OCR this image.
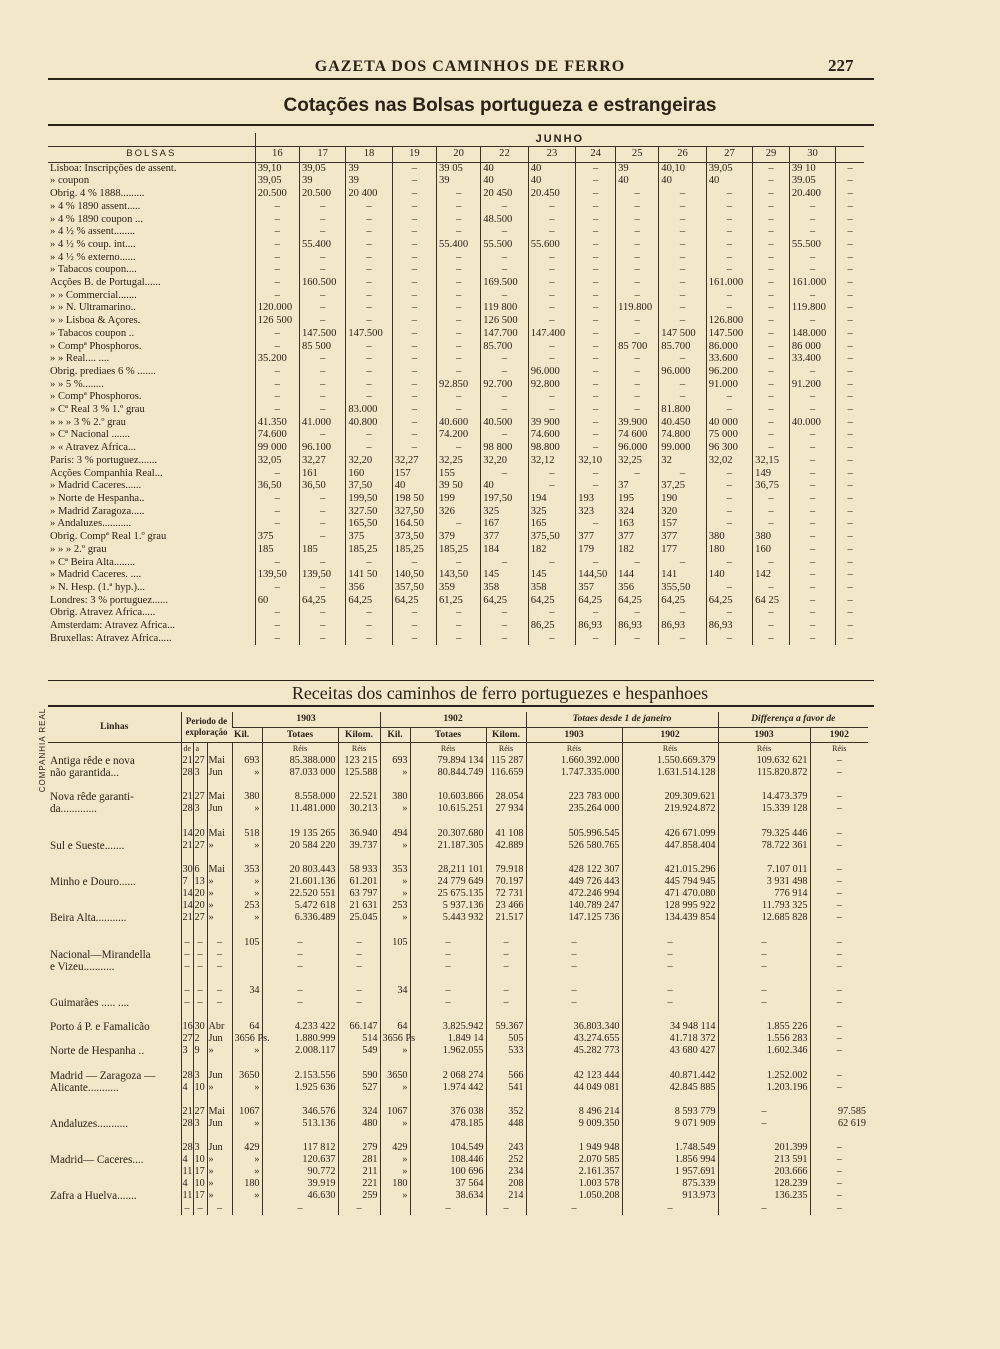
GAZETA DOS CAMINHOS DE FERRO	227
Cotações nas Bolsas portugueza e estrangeiras
	JUNHO													
BOLSAS	16	17	18	19	20	22	23	24	25	26	27	29	30	
Lisboa: Inscripções de assent.	39,10	39,05	39	–	39 05	40	40	–	39	40,10	39,05	–	39 10	–
» coupon	39,05	39	39	–	39	40	40	–	40	40	40	–	39.05	–
Obrig. 4 % 1888.........	20.500	20.500	20 400	–	–	20 450	20.450	–	–	–	–	–	20.400	–
» 4 % 1890 assent.....	–	–	–	–	–	–	–	–	–	–	–	–	–	–
» 4 % 1890 coupon ...	–	–	–	–	–	48.500	–	–	–	–	–	–	–	–
» 4 ½ % assent........	–	–	–	–	–	–	–	–	–	–	–	–	–	–
» 4 ½ % coup. int....	–	55.400	–	–	55.400	55.500	55.600	–	–	–	–	–	55.500	–
» 4 ½ % externo......	–	–	–	–	–	–	–	–	–	–	–	–	–	–
» Tabacos coupon....	–	–	–	–	–	–	–	–	–	–	–	–	–	–
Acções B. de Portugal......	–	160.500	–	–	–	169.500	–	–	–	–	161.000	–	161.000	–
» » Commercial.......	–	–	–	–	–	–	–	–	–	–	–	–	–	–
» » N. Ultramarino..	120.000	–	–	–	–	119 800	–	–	119.800	–	–	–	119.800	–
» » Lisboa & Açores.	126 500	–	–	–	–	126 500	–	–	–	–	126.800	–	–	–
» Tabacos coupon ..	–	147.500	147.500	–	–	147.700	147.400	–	–	147 500	147.500	–	148.000	–
» Compª Phosphoros.	–	85 500	–	–	–	85.700	–	–	85 700	85.700	86.000	–	86 000	–
» » Real.... ....	35.200	–	–	–	–	–	–	–	–	–	33.600	–	33.400	–
Obrig. prediaes 6 % .......	–	–	–	–	–	–	96.000	–	–	96.000	96.200	–	–	–
» » 5 %........	–	–	–	–	92.850	92.700	92.800	–	–	–	91.000	–	91.200	–
» Compª Phosphoros.	–	–	–	–	–	–	–	–	–	–	–	–	–	–
» Cª Real 3 % 1.º grau	–	–	83.000	–	–	–	–	–	–	81.800	–	–	–	–
» » » 3 % 2.º grau	41.350	41.000	40.800	–	40.600	40.500	39 900	–	39.900	40.450	40 000	–	40.000	–
» Cª Nacional .......	74.600	–	–	–	74.200	–	74.600	–	74 600	74.800	75 000	–	–	–
» « Atravez Africa...	99 000	96.100	–	–	–	98 800	98.800	–	96.000	99.000	96 300	–	–	–
Paris: 3 % portuguez.......	32,05	32,27	32,20	32,27	32,25	32,20	32,12	32,10	32,25	32	32,02	32,15	–	–
Acções Companhia Real...	–	161	160	157	155	–	–	–	–	–	–	149	–	–
» Madrid Caceres......	36,50	36,50	37,50	40	39 50	40	–	–	37	37,25	–	36,75	–	–
» Norte de Hespanha..	–	–	199,50	198 50	199	197,50	194	193	195	190	–	–	–	–
» Madrid Zaragoza.....	–	–	327.50	327,50	326	325	325	323	324	320	–	–	–	–
» Andaluzes...........	–	–	165,50	164.50	–	167	165	–	163	157	–	–	–	–
Obrig. Compª Real 1.º grau	375	–	375	373,50	379	377	375,50	377	377	377	380	380	–	–
» » » 2.º grau	185	185	185,25	185,25	185,25	184	182	179	182	177	180	160	–	–
» Cª Beira Alta........	–	–	–	–	–	–	–	–	–	–	–	–	–	–
» Madrid Caceres. ....	139,50	139,50	141 50	140,50	143,50	145	145	144,50	144	141	140	142	–	–
» N. Hesp. (1.ª hyp.)...	–	–	356	357,50	359	358	358	357	356	355,50	–	–	–	–
Londres: 3 % portuguez......	60	64,25	64,25	64,25	61,25	64,25	64,25	64,25	64,25	64,25	64,25	64 25	–	–
Obrig. Atravez Africa.....	–	–	–	–	–	–	–	–	–	–	–	–	–	–
Amsterdam: Atravez Africa...	–	–	–	–	–	–	86,25	86,93	86,93	86,93	86,93	–	–	–
Bruxellas: Atravez Africa.....	–	–	–	–	–	–	–	–	–	–	–	–	–	–
Receitas dos caminhos de ferro portuguezes e hespanhoes
Linhas	Periodo de exploração			1903			1902			Totaes desde 1 de janeiro		Differença a favor de	
				Kil.	Totaes	Kilom.	Kil.	Totaes	Kilom.	1903	1902	1903	1902
	de	a			Réis	Réis		Réis	Réis	Réis	Réis	Réis	Réis
Antiga rêde e nova	21	27	Mai	693	85.388.000	123 215	693	79.894 134	115 287	1.660.392.000	1.550.669.379	109.632 621	–
não garantida...	28	3	Jun	»	87.033 000	125.588	»	80.844.749	116.659	1.747.335.000	1.631.514.128	115.820.872	–

Nova rêde garanti-	21	27	Mai	380	8.558.000	22.521	380	10.603.866	28.054	223 783 000	209.309.621	14.473.379	–
da.............	28	3	Jun	»	11.481.000	30.213	»	10.615.251	27 934	235.264 000	219.924.872	15.339 128	–

	14	20	Mai	518	19 135 265	36.940	494	20.307.680	41 108	505.996.545	426 671.099	79.325 446	–
Sul e Sueste.......	21	27	»	»	20 584 220	39.737	»	21.187.305	42.889	526 580.765	447.858.404	78.722 361	–

	30	6	Mai	353	20 803.443	58 933	353	28,211 101	79.918	428 122 307	421.015.296	7.107 011	–
Minho e Douro......	7	13	»	»	21.601.136	61.201	»	24 779 649	70.197	449 726 443	445 794 945	3 931 498	–
	14	20	»	»	22.520 551	63 797	»	25 675.135	72 731	472.246 994	471 470.080	776 914	–
	14	20	»	253	5.472 618	21 631	253	5 937.136	23 466	140.789 247	128 995 922	11.793 325	–
Beira Alta...........	21	27	»	»	6.336.489	25.045	»	5.443 932	21.517	147.125 736	134.439 854	12.685 828	–

	–	–	–	105	–	–	105	–	–	–	–	–	–
Nacional—Mirandella	–	–	–		–	–		–	–	–	–	–	–
e Vizeu...........	–	–	–		–	–		–	–	–	–	–	–

	–	–	–	34	–	–	34	–	–	–	–	–	–
Guimarães ..... ....	–	–	–		–	–		–	–	–	–	–	–

Porto á P. e Famalicão	16	30	Abr	64	4.233 422	66.147	64	3.825.942	59.367	36.803.340	34 948 114	1.855 226	–
	27	2	Jun	3656 Ps.	1.880.999	514	3656 Ps	1.849 14	505	43.274.655	41.718 372	1.556 283	–
Norte de Hespanha ..	3	9	»	»	2.008.117	549	»	1.962.055	533	45.282 773	43 680 427	1.602.346	–

Madrid — Zaragoza —	28	3	Jun	3650	2.153.556	590	3650	2 068 274	566	42 123 444	40.871.442	1.252.002	–
Alicante...........	4	10	»	»	1.925 636	527	»	1.974 442	541	44 049 081	42.845 885	1.203.196	–

	21	27	Mai	1067	346.576	324	1067	376 038	352	8 496 214	8 593 779	–	97.585
Andaluzes...........	28	3	Jun	»	513.136	480	»	478.185	448	9 009.350	9 071 909	–	62 619

	28	3	Jun	429	117 812	279	429	104.549	243	1 949 948	1.748.549	201.399	–
Madrid— Caceres....	4	10	»	»	120.637	281	»	108.446	252	2.070 585	1.856 994	213 591	–
	11	17	»	»	90.772	211	»	100 696	234	2.161.357	1 957.691	203.666	–
	4	10	»	180	39.919	221	180	37 564	208	1.003 578	875.339	128.239	–
Zafra a Huelva.......	11	17	»	»	46.630	259	»	38.634	214	1.050.208	913.973	136.235	–
	–	–	–		–	–		–	–	–	–	–	–
COMPANHIA REAL
